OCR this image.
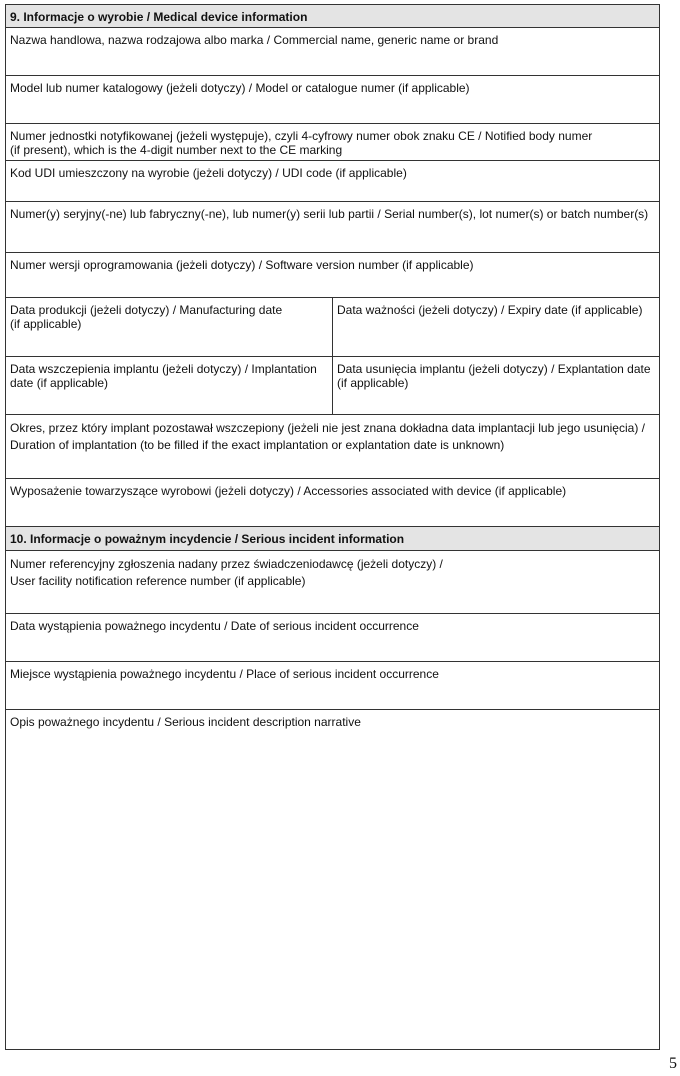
9. Informacje o wyrobie / Medical device information
Nazwa handlowa, nazwa rodzajowa albo marka / Commercial name, generic name or brand
Model lub numer katalogowy (jeżeli dotyczy) / Model or catalogue numer (if applicable)
Numer jednostki notyfikowanej (jeżeli występuje), czyli 4-cyfrowy numer obok znaku CE / Notified body numer
(if present), which is the 4-digit number next to the CE marking
Kod UDI umieszczony na wyrobie (jeżeli dotyczy) / UDI code (if applicable)
Numer(y) seryjny(-ne) lub fabryczny(-ne), lub numer(y) serii lub partii / Serial number(s), lot numer(s) or batch number(s)
Numer wersji oprogramowania (jeżeli dotyczy) / Software version number (if applicable)
Data produkcji (jeżeli dotyczy) / Manufacturing date
(if applicable)
Data ważności (jeżeli dotyczy) / Expiry date (if applicable)
Data wszczepienia implantu (jeżeli dotyczy) / Implantation
date (if applicable)
Data usunięcia implantu (jeżeli dotyczy) / Explantation date
(if applicable)
Okres, przez który implant pozostawał wszczepiony (jeżeli nie jest znana dokładna data implantacji lub jego usunięcia) /
Duration of implantation (to be filled if the exact implantation or explantation date is unknown)
Wyposażenie towarzyszące wyrobowi (jeżeli dotyczy) / Accessories associated with device (if applicable)
10. Informacje o poważnym incydencie / Serious incident information
Numer referencyjny zgłoszenia nadany przez świadczeniodawcę (jeżeli dotyczy) /
User facility notification reference number (if applicable)
Data wystąpienia poważnego incydentu / Date of serious incident occurrence
Miejsce wystąpienia poważnego incydentu / Place of serious incident occurrence
Opis poważnego incydentu / Serious incident description narrative
5
